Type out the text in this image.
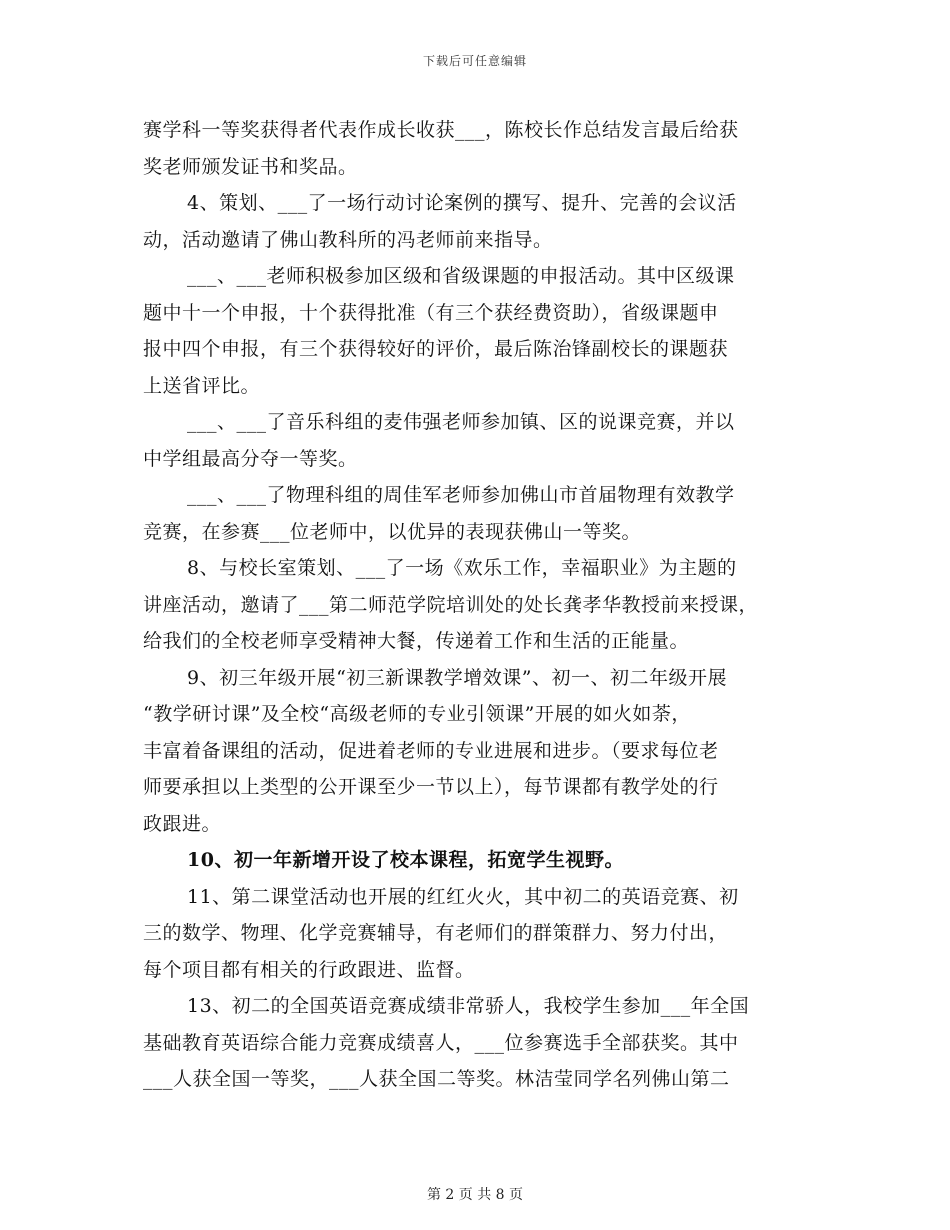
下载后可任意编辑

赛学科一等奖获得者代表作成长收获___，陈校长作总结发言最后给获
奖老师颁发证书和奖品。

4、策划、___了一场行动讨论案例的撰写、提升、完善的会议活
动，活动邀请了佛山教科所的冯老师前来指导。

___、___老师积极参加区级和省级课题的申报活动。其中区级课
题中十一个申报，十个获得批准（有三个获经费资助），省级课题申
报中四个申报，有三个获得较好的评价，最后陈治锋副校长的课题获
上送省评比。

___、___了音乐科组的麦伟强老师参加镇、区的说课竞赛，并以
中学组最高分夺一等奖。

___、___了物理科组的周佳军老师参加佛山市首届物理有效教学
竞赛，在参赛___位老师中，以优异的表现获佛山一等奖。

8、与校长室策划、___了一场《欢乐工作，幸福职业》为主题的
讲座活动，邀请了___第二师范学院培训处的处长龚孝华教授前来授课，
给我们的全校老师享受精神大餐，传递着工作和生活的正能量。

9、初三年级开展“初三新课教学增效课”、初一、初二年级开展
“教学研讨课”及全校“高级老师的专业引领课”开展的如火如荼，
丰富着备课组的活动，促进着老师的专业进展和进步。（要求每位老
师要承担以上类型的公开课至少一节以上），每节课都有教学处的行
政跟进。

10、初一年新增开设了校本课程，拓宽学生视野。

11、第二课堂活动也开展的红红火火，其中初二的英语竞赛、初
三的数学、物理、化学竞赛辅导，有老师们的群策群力、努力付出，
每个项目都有相关的行政跟进、监督。

13、初二的全国英语竞赛成绩非常骄人，我校学生参加___年全国
基础教育英语综合能力竞赛成绩喜人，___位参赛选手全部获奖。其中
___人获全国一等奖，___人获全国二等奖。林洁莹同学名列佛山第二

第 2 页 共 8 页
